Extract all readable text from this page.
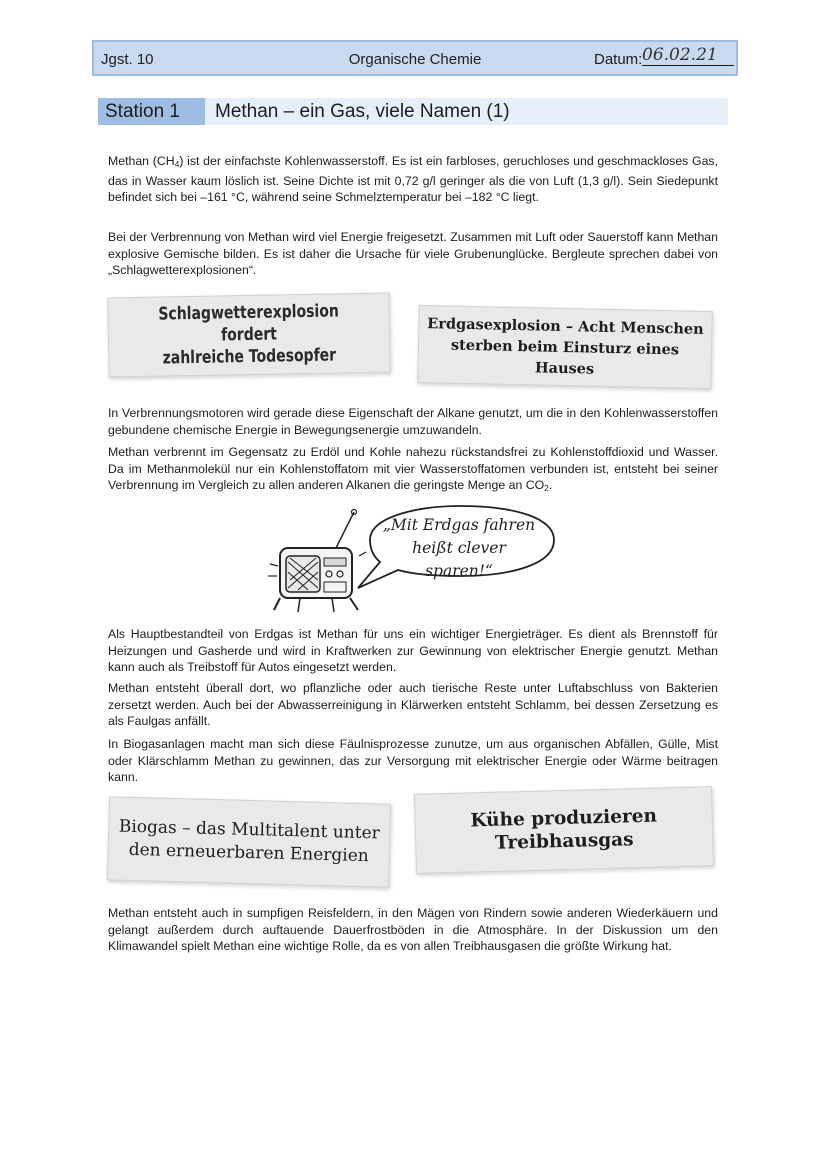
Jgst. 10	Organische Chemie	Datum: 06.02.21
Station 1	Methan – ein Gas, viele Namen (1)
Methan $(CH_4)$ ist der einfachste Kohlenwasserstoff. Es ist ein farbloses, geruchloses und geschmackloses Gas, das in Wasser kaum löslich ist. Seine Dichte ist mit 0,72 g/l geringer als die von Luft (1,3 g/l). Sein Siedepunkt befindet sich bei –161 °C, während seine Schmelztemperatur bei –182 °C liegt.
Bei der Verbrennung von Methan wird viel Energie freigesetzt. Zusammen mit Luft oder Sauerstoff kann Methan explosive Gemische bilden. Es ist daher die Ursache für viele Grubenunglücke. Bergleute sprechen dabei von „Schlagwetterexplosionen“.
Schlagwetterexplosion fordert
zahlreiche Todesopfer
Erdgasexplosion – Acht Menschen
sterben beim Einsturz eines Hauses
In Verbrennungsmotoren wird gerade diese Eigenschaft der Alkane genutzt, um die in den Kohlenwasserstoffen gebundene chemische Energie in Bewegungsenergie umzuwandeln.
Methan verbrennt im Gegensatz zu Erdöl und Kohle nahezu rückstandsfrei zu Kohlenstoffdioxid und Wasser. Da im Methanmolekül nur ein Kohlenstoffatom mit vier Wasserstoffatomen verbunden ist, entsteht bei seiner Verbrennung im Vergleich zu allen anderen Alkanen die geringste Menge an $CO_2$.
„Mit Erdgas fahren
heißt clever sparen!“
Als Hauptbestandteil von Erdgas ist Methan für uns ein wichtiger Energieträger. Es dient als Brennstoff für Heizungen und Gasherde und wird in Kraftwerken zur Gewinnung von elektrischer Energie genutzt. Methan kann auch als Treibstoff für Autos eingesetzt werden.
Methan entsteht überall dort, wo pflanzliche oder auch tierische Reste unter Luftabschluss von Bakterien zersetzt werden. Auch bei der Abwasserreinigung in Klärwerken entsteht Schlamm, bei dessen Zersetzung es als Faulgas anfällt.
In Biogasanlagen macht man sich diese Fäulnisprozesse zunutze, um aus organischen Abfällen, Gülle, Mist oder Klärschlamm Methan zu gewinnen, das zur Versorgung mit elektrischer Energie oder Wärme beitragen kann.
Biogas – das Multitalent unter
den erneuerbaren Energien
Kühe produzieren
Treibhausgas
Methan entsteht auch in sumpfigen Reisfeldern, in den Mägen von Rindern sowie anderen Wiederkäuern und gelangt außerdem durch auftauende Dauerfrostböden in die Atmosphäre. In der Diskussion um den Klimawandel spielt Methan eine wichtige Rolle, da es von allen Treibhausgasen die größte Wirkung hat.
